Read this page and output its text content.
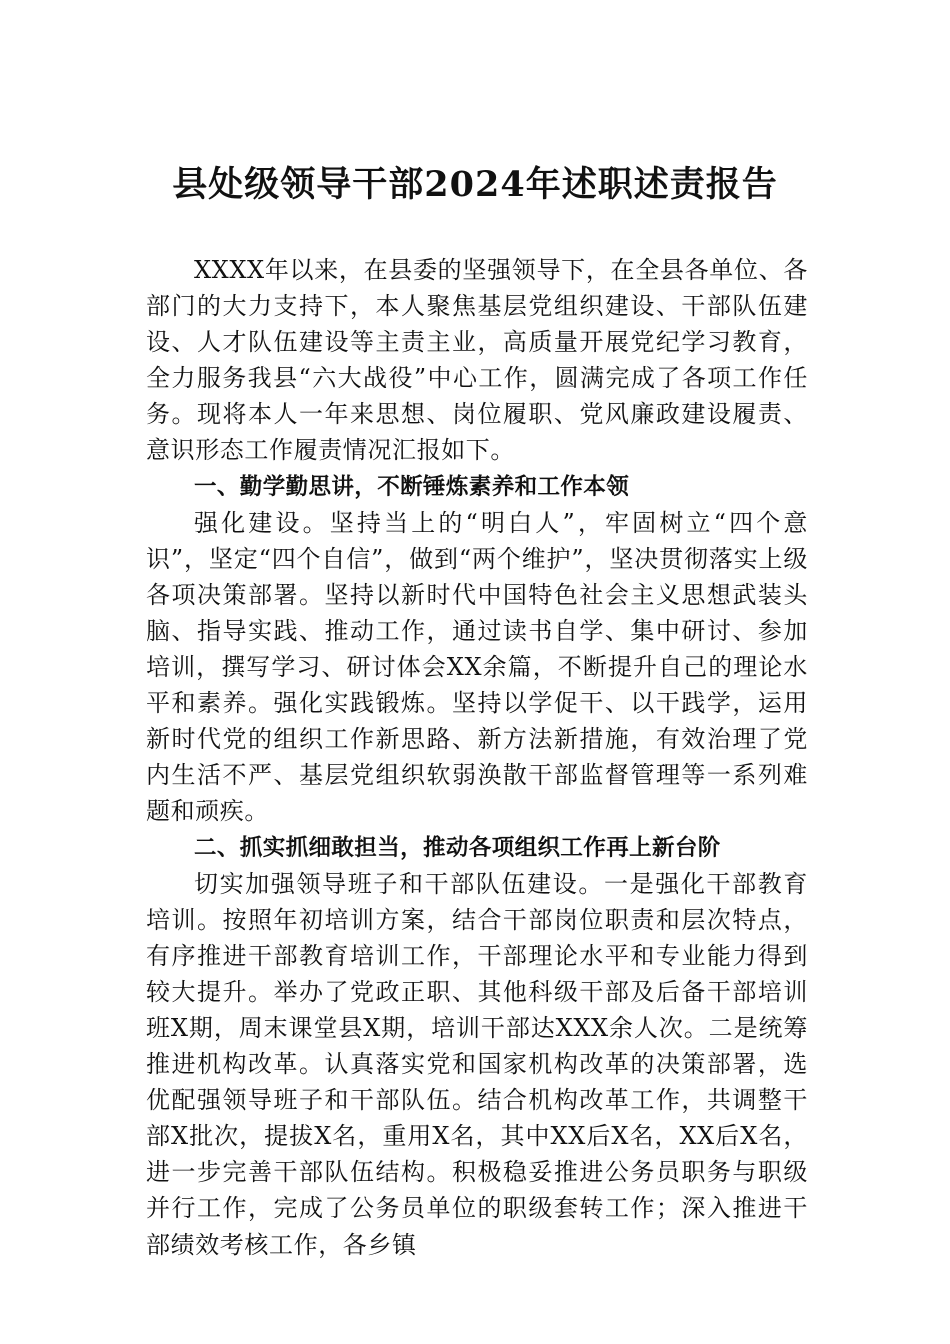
县处级领导干部2024年述职述责报告

XXXX年以来，在县委的坚强领导下，在全县各单位、各部门的大力支持下，本人聚焦基层党组织建设、干部队伍建设、人才队伍建设等主责主业，高质量开展党纪学习教育，全力服务我县“六大战役”中心工作，圆满完成了各项工作任务。现将本人一年来思想、岗位履职、党风廉政建设履责、意识形态工作履责情况汇报如下。

一、勤学勤思讲，不断锤炼素养和工作本领

强化建设。坚持当上的“明白人”，牢固树立“四个意识”，坚定“四个自信”，做到“两个维护”，坚决贯彻落实上级各项决策部署。坚持以新时代中国特色社会主义思想武装头脑、指导实践、推动工作，通过读书自学、集中研讨、参加培训，撰写学习、研讨体会XX余篇，不断提升自己的理论水平和素养。强化实践锻炼。坚持以学促干、以干践学，运用新时代党的组织工作新思路、新方法新措施，有效治理了党内生活不严、基层党组织软弱涣散干部监督管理等一系列难题和顽疾。

二、抓实抓细敢担当，推动各项组织工作再上新台阶

切实加强领导班子和干部队伍建设。一是强化干部教育培训。按照年初培训方案，结合干部岗位职责和层次特点，有序推进干部教育培训工作，干部理论水平和专业能力得到较大提升。举办了党政正职、其他科级干部及后备干部培训班X期，周末课堂县X期，培训干部达XXX余人次。二是统筹推进机构改革。认真落实党和国家机构改革的决策部署，选优配强领导班子和干部队伍。结合机构改革工作，共调整干部X批次，提拔X名，重用X名，其中XX后X名，XX后X名，进一步完善干部队伍结构。积极稳妥推进公务员职务与职级并行工作，完成了公务员单位的职级套转工作；深入推进干部绩效考核工作，各乡镇
